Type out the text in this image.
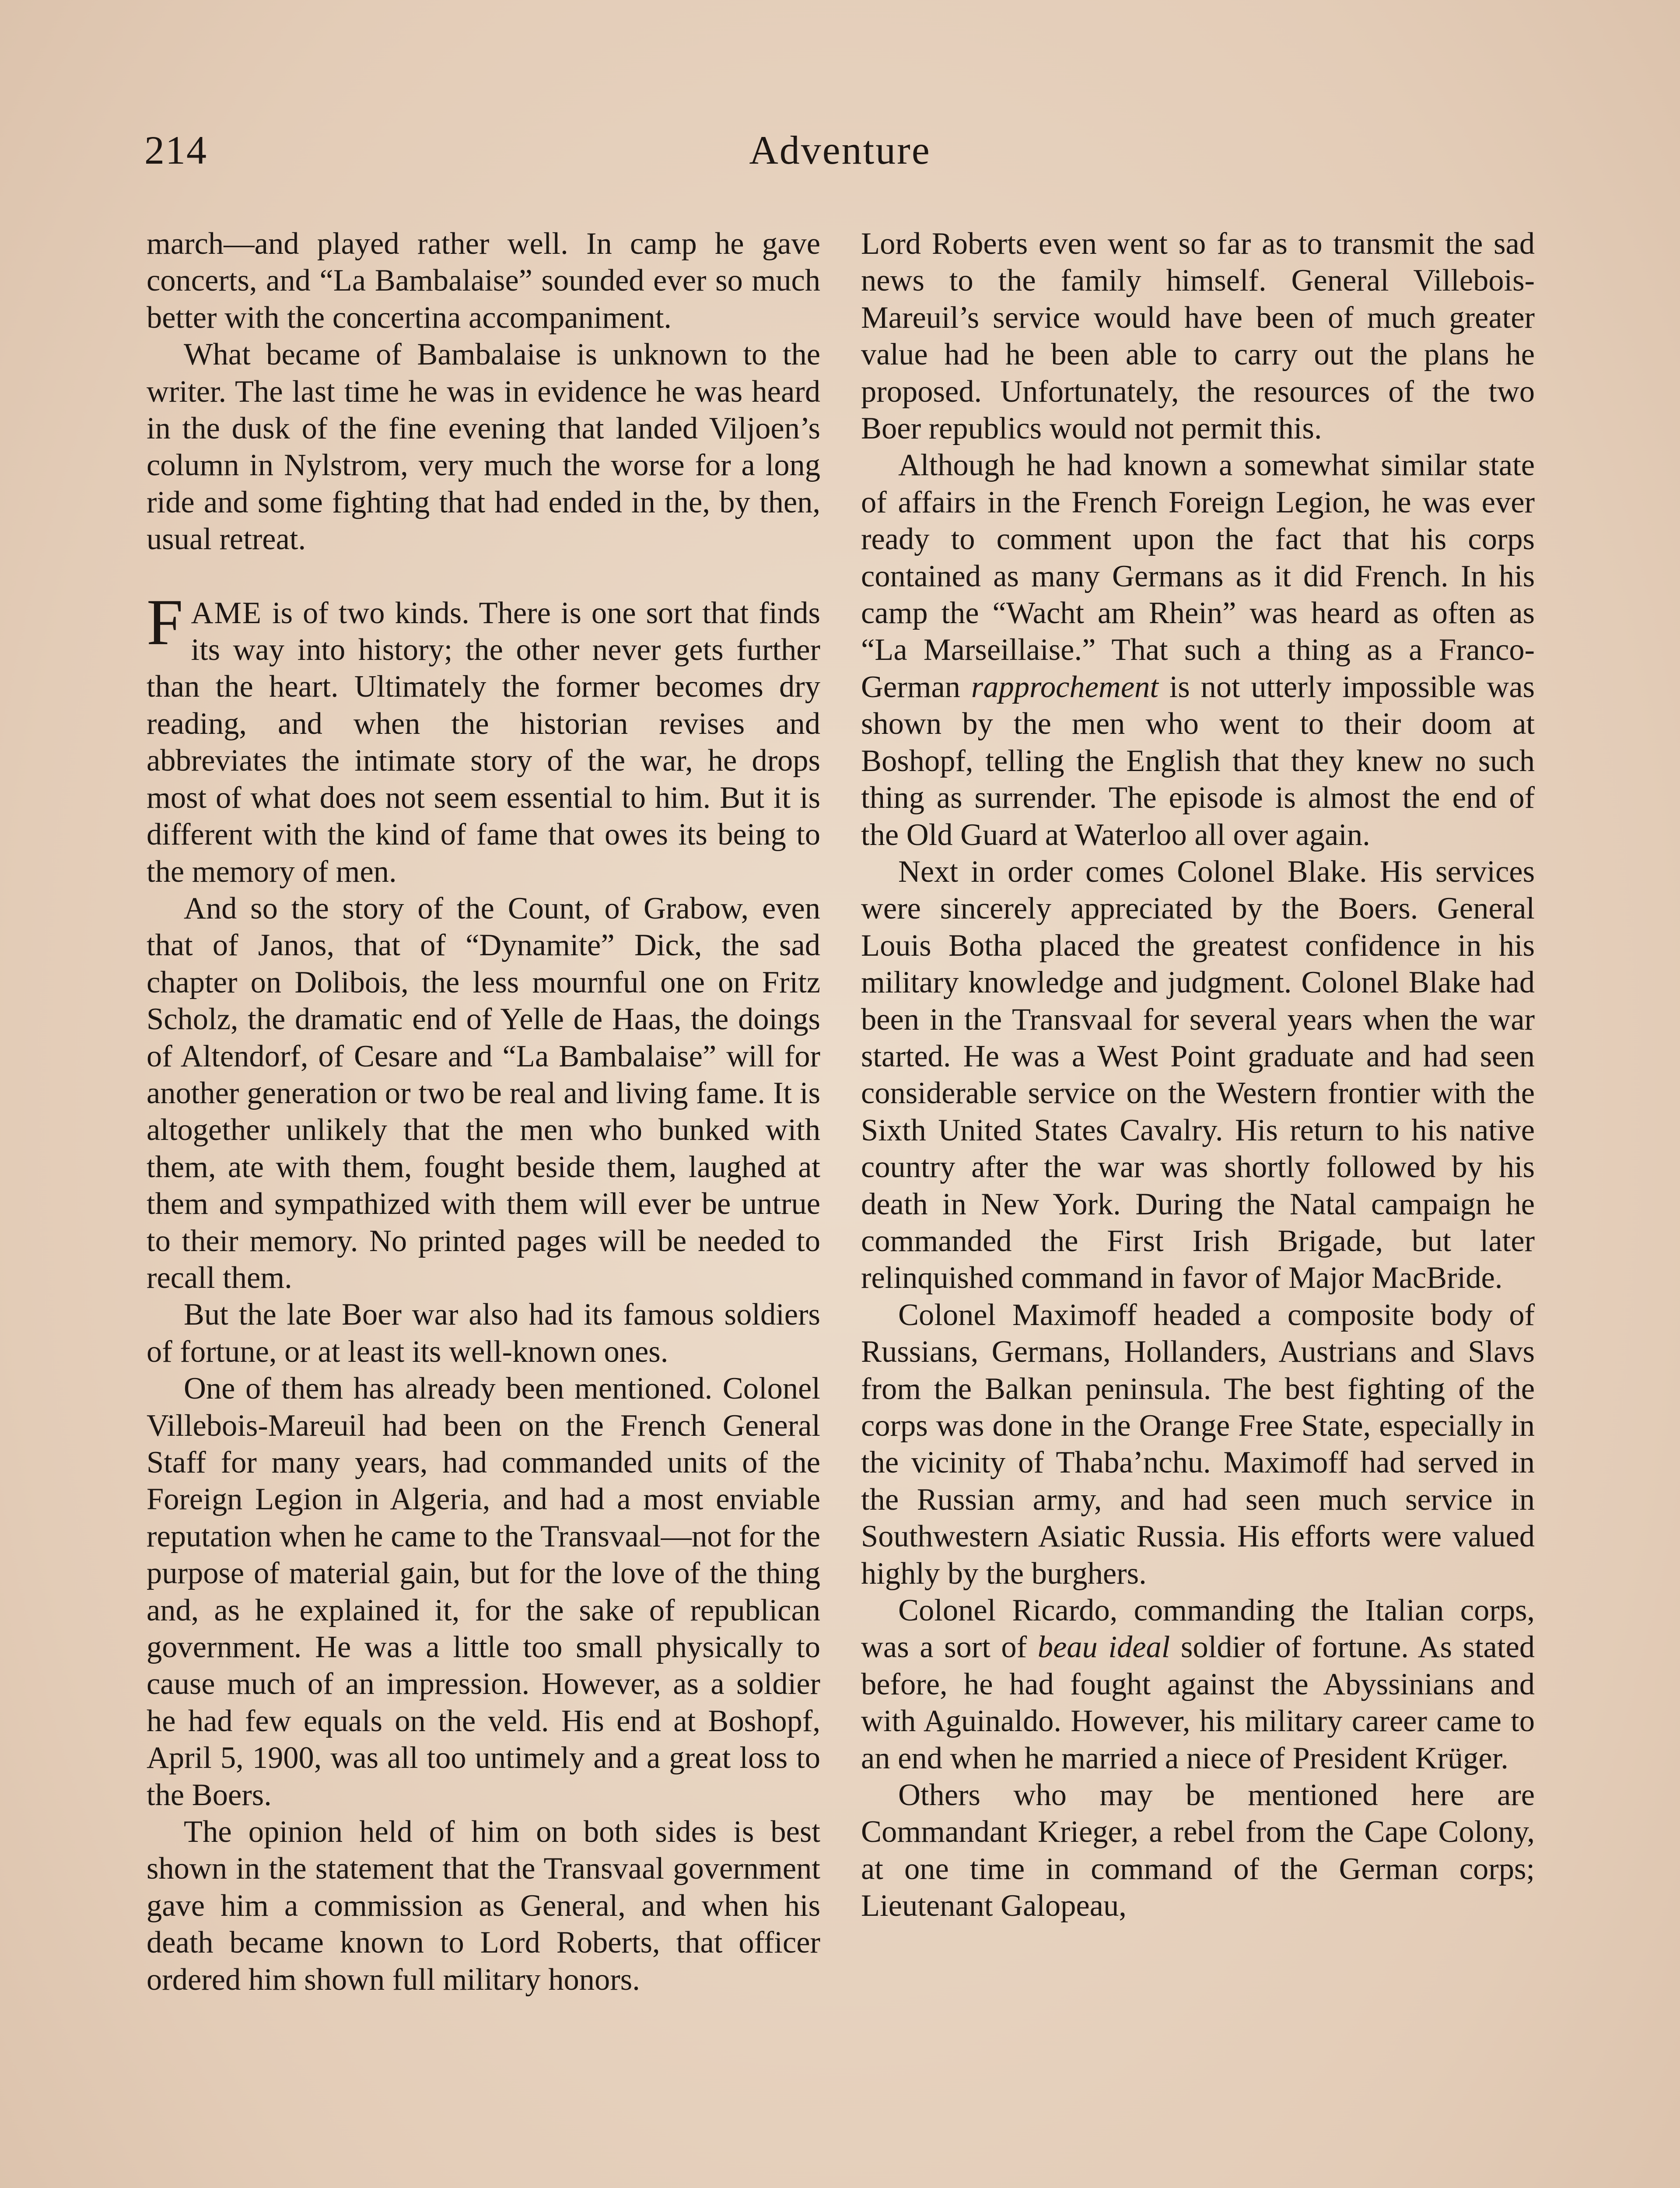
214	Adventure

march—and played rather well. In camp he gave concerts, and “La Bambalaise” sounded ever so much better with the concertina accompaniment.

What became of Bambalaise is unknown to the writer. The last time he was in evidence he was heard in the dusk of the fine evening that landed Viljoen’s column in Nylstrom, very much the worse for a long ride and some fighting that had ended in the, by then, usual retreat.

FAME is of two kinds. There is one sort that finds its way into history; the other never gets further than the heart. Ultimately the former becomes dry reading, and when the historian revises and abbreviates the intimate story of the war, he drops most of what does not seem essential to him. But it is different with the kind of fame that owes its being to the memory of men.

And so the story of the Count, of Grabow, even that of Janos, that of “Dynamite” Dick, the sad chapter on Dolibois, the less mournful one on Fritz Scholz, the dramatic end of Yelle de Haas, the doings of Altendorf, of Cesare and “La Bambalaise” will for another generation or two be real and living fame. It is altogether unlikely that the men who bunked with them, ate with them, fought beside them, laughed at them and sympathized with them will ever be untrue to their memory. No printed pages will be needed to recall them.

But the late Boer war also had its famous soldiers of fortune, or at least its well-known ones.

One of them has already been mentioned. Colonel Villebois-Mareuil had been on the French General Staff for many years, had commanded units of the Foreign Legion in Algeria, and had a most enviable reputation when he came to the Transvaal—not for the purpose of material gain, but for the love of the thing and, as he explained it, for the sake of republican government. He was a little too small physically to cause much of an impression. However, as a soldier he had few equals on the veld. His end at Boshopf, April 5, 1900, was all too untimely and a great loss to the Boers.

The opinion held of him on both sides is best shown in the statement that the Transvaal government gave him a commission as General, and when his death became known to Lord Roberts, that officer ordered him shown full military honors.

Lord Roberts even went so far as to transmit the sad news to the family himself. General Villebois-Mareuil’s service would have been of much greater value had he been able to carry out the plans he proposed. Unfortunately, the resources of the two Boer republics would not permit this.

Although he had known a somewhat similar state of affairs in the French Foreign Legion, he was ever ready to comment upon the fact that his corps contained as many Germans as it did French. In his camp the “Wacht am Rhein” was heard as often as “La Marseillaise.” That such a thing as a Franco-German rapprochement is not utterly impossible was shown by the men who went to their doom at Boshopf, telling the English that they knew no such thing as surrender. The episode is almost the end of the Old Guard at Waterloo all over again.

Next in order comes Colonel Blake. His services were sincerely appreciated by the Boers. General Louis Botha placed the greatest confidence in his military knowledge and judgment. Colonel Blake had been in the Transvaal for several years when the war started. He was a West Point graduate and had seen considerable service on the Western frontier with the Sixth United States Cavalry. His return to his native country after the war was shortly followed by his death in New York. During the Natal campaign he commanded the First Irish Brigade, but later relinquished command in favor of Major MacBride.

Colonel Maximoff headed a composite body of Russians, Germans, Hollanders, Austrians and Slavs from the Balkan peninsula. The best fighting of the corps was done in the Orange Free State, especially in the vicinity of Thaba’nchu. Maximoff had served in the Russian army, and had seen much service in Southwestern Asiatic Russia. His efforts were valued highly by the burghers.

Colonel Ricardo, commanding the Italian corps, was a sort of beau ideal soldier of fortune. As stated before, he had fought against the Abyssinians and with Aguinaldo. However, his military career came to an end when he married a niece of President Krüger.

Others who may be mentioned here are Commandant Krieger, a rebel from the Cape Colony, at one time in command of the German corps; Lieutenant Galopeau,
